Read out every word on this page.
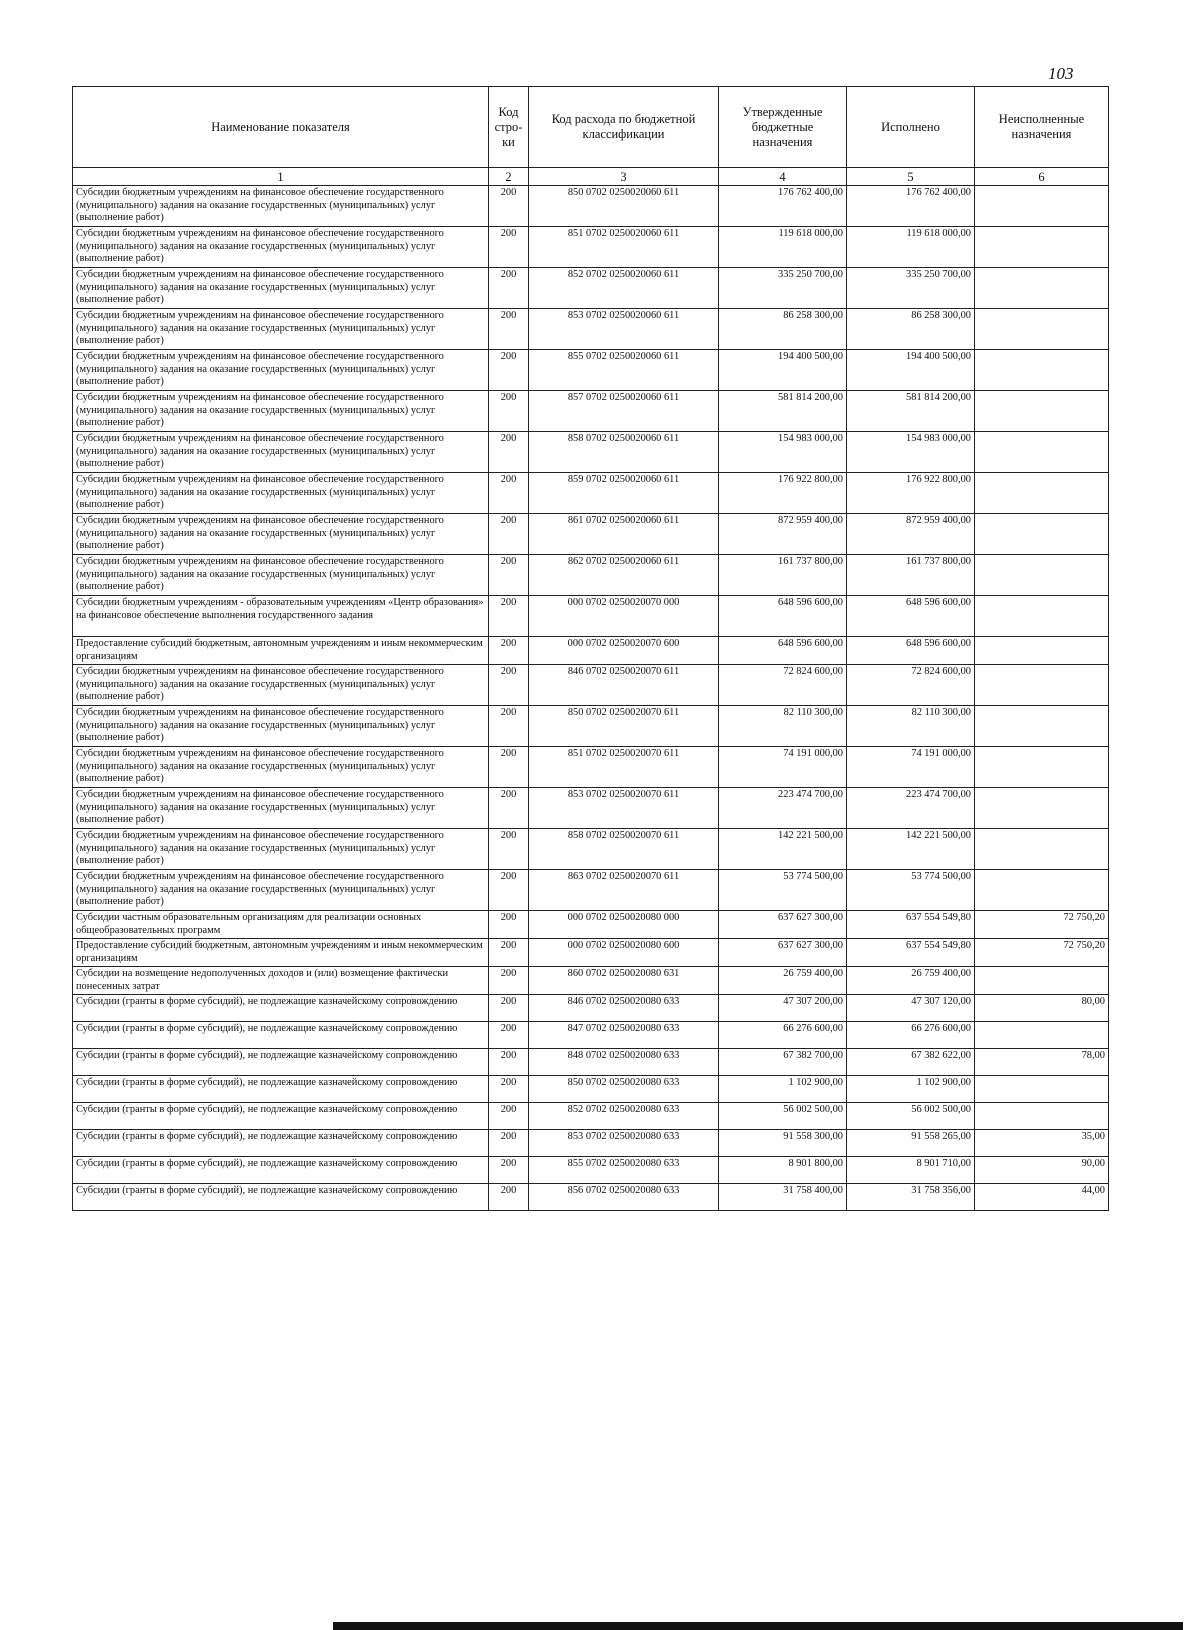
103
Наименование показателя	Код стро-ки	Код расхода по бюджетной классификации	Утвержденные бюджетные назначения	Исполнено	Неисполненные назначения
1	2	3	4	5	6
Субсидии бюджетным учреждениям на финансовое обеспечение государственного (муниципального) задания на оказание государственных (муниципальных) услуг (выполнение работ)	200	850 0702 0250020060 611	176 762 400,00	176 762 400,00	
Субсидии бюджетным учреждениям на финансовое обеспечение государственного (муниципального) задания на оказание государственных (муниципальных) услуг (выполнение работ)	200	851 0702 0250020060 611	119 618 000,00	119 618 000,00	
Субсидии бюджетным учреждениям на финансовое обеспечение государственного (муниципального) задания на оказание государственных (муниципальных) услуг (выполнение работ)	200	852 0702 0250020060 611	335 250 700,00	335 250 700,00	
Субсидии бюджетным учреждениям на финансовое обеспечение государственного (муниципального) задания на оказание государственных (муниципальных) услуг (выполнение работ)	200	853 0702 0250020060 611	86 258 300,00	86 258 300,00	
Субсидии бюджетным учреждениям на финансовое обеспечение государственного (муниципального) задания на оказание государственных (муниципальных) услуг (выполнение работ)	200	855 0702 0250020060 611	194 400 500,00	194 400 500,00	
Субсидии бюджетным учреждениям на финансовое обеспечение государственного (муниципального) задания на оказание государственных (муниципальных) услуг (выполнение работ)	200	857 0702 0250020060 611	581 814 200,00	581 814 200,00	
Субсидии бюджетным учреждениям на финансовое обеспечение государственного (муниципального) задания на оказание государственных (муниципальных) услуг (выполнение работ)	200	858 0702 0250020060 611	154 983 000,00	154 983 000,00	
Субсидии бюджетным учреждениям на финансовое обеспечение государственного (муниципального) задания на оказание государственных (муниципальных) услуг (выполнение работ)	200	859 0702 0250020060 611	176 922 800,00	176 922 800,00	
Субсидии бюджетным учреждениям на финансовое обеспечение государственного (муниципального) задания на оказание государственных (муниципальных) услуг (выполнение работ)	200	861 0702 0250020060 611	872 959 400,00	872 959 400,00	
Субсидии бюджетным учреждениям на финансовое обеспечение государственного (муниципального) задания на оказание государственных (муниципальных) услуг (выполнение работ)	200	862 0702 0250020060 611	161 737 800,00	161 737 800,00	
Субсидии бюджетным учреждениям - образовательным учреждениям «Центр образования» на финансовое обеспечение выполнения государственного задания	200	000 0702 0250020070 000	648 596 600,00	648 596 600,00	
Предоставление субсидий бюджетным, автономным учреждениям и иным некоммерческим организациям	200	000 0702 0250020070 600	648 596 600,00	648 596 600,00	
Субсидии бюджетным учреждениям на финансовое обеспечение государственного (муниципального) задания на оказание государственных (муниципальных) услуг (выполнение работ)	200	846 0702 0250020070 611	72 824 600,00	72 824 600,00	
Субсидии бюджетным учреждениям на финансовое обеспечение государственного (муниципального) задания на оказание государственных (муниципальных) услуг (выполнение работ)	200	850 0702 0250020070 611	82 110 300,00	82 110 300,00	
Субсидии бюджетным учреждениям на финансовое обеспечение государственного (муниципального) задания на оказание государственных (муниципальных) услуг (выполнение работ)	200	851 0702 0250020070 611	74 191 000,00	74 191 000,00	
Субсидии бюджетным учреждениям на финансовое обеспечение государственного (муниципального) задания на оказание государственных (муниципальных) услуг (выполнение работ)	200	853 0702 0250020070 611	223 474 700,00	223 474 700,00	
Субсидии бюджетным учреждениям на финансовое обеспечение государственного (муниципального) задания на оказание государственных (муниципальных) услуг (выполнение работ)	200	858 0702 0250020070 611	142 221 500,00	142 221 500,00	
Субсидии бюджетным учреждениям на финансовое обеспечение государственного (муниципального) задания на оказание государственных (муниципальных) услуг (выполнение работ)	200	863 0702 0250020070 611	53 774 500,00	53 774 500,00	
Субсидии частным образовательным организациям для реализации основных общеобразовательных программ	200	000 0702 0250020080 000	637 627 300,00	637 554 549,80	72 750,20
Предоставление субсидий бюджетным, автономным учреждениям и иным некоммерческим организациям	200	000 0702 0250020080 600	637 627 300,00	637 554 549,80	72 750,20
Субсидии на возмещение недополученных доходов и (или) возмещение фактически понесенных затрат	200	860 0702 0250020080 631	26 759 400,00	26 759 400,00	
Субсидии (гранты в форме субсидий), не подлежащие казначейскому сопровождению	200	846 0702 0250020080 633	47 307 200,00	47 307 120,00	80,00
Субсидии (гранты в форме субсидий), не подлежащие казначейскому сопровождению	200	847 0702 0250020080 633	66 276 600,00	66 276 600,00	
Субсидии (гранты в форме субсидий), не подлежащие казначейскому сопровождению	200	848 0702 0250020080 633	67 382 700,00	67 382 622,00	78,00
Субсидии (гранты в форме субсидий), не подлежащие казначейскому сопровождению	200	850 0702 0250020080 633	1 102 900,00	1 102 900,00	
Субсидии (гранты в форме субсидий), не подлежащие казначейскому сопровождению	200	852 0702 0250020080 633	56 002 500,00	56 002 500,00	
Субсидии (гранты в форме субсидий), не подлежащие казначейскому сопровождению	200	853 0702 0250020080 633	91 558 300,00	91 558 265,00	35,00
Субсидии (гранты в форме субсидий), не подлежащие казначейскому сопровождению	200	855 0702 0250020080 633	8 901 800,00	8 901 710,00	90,00
Субсидии (гранты в форме субсидий), не подлежащие казначейскому сопровождению	200	856 0702 0250020080 633	31 758 400,00	31 758 356,00	44,00
